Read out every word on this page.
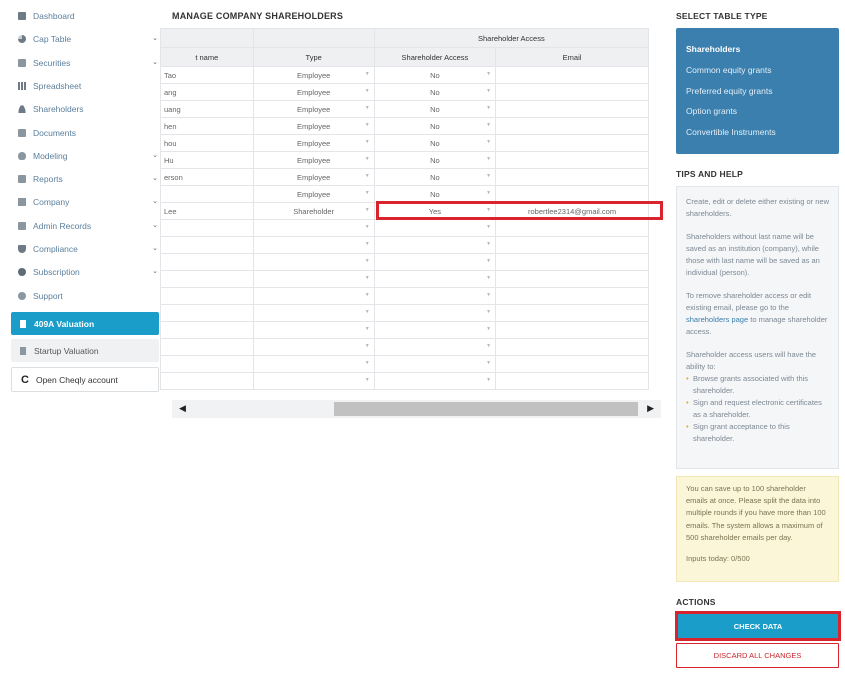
Dashboard
Cap Table	⌄
Securities	⌄
Spreadsheet
Shareholders
Documents
Modeling	⌄
Reports	⌄
Company	⌄
Admin Records	⌄
Compliance	⌄
Subscription	⌄
Support
409A Valuation
Startup Valuation
C Open Cheqly account
MANAGE COMPANY SHAREHOLDERS
		Shareholder Access	
t name	Type	Shareholder Access	Email
Tao	Employee ▼	No ▼	

ang	Employee ▼	No ▼	

uang	Employee ▼	No ▼	

hen	Employee ▼	No ▼	

hou	Employee ▼	No ▼	

Hu	Employee ▼	No ▼	

erson	Employee ▼	No ▼	

	Employee ▼	No ▼	

Lee	Shareholder ▼	Yes ▼	robertlee2314@gmail.com

	▼	▼	

	▼	▼	

	▼	▼	

	▼	▼	

	▼	▼	

	▼	▼	

	▼	▼	

	▼	▼	

	▼	▼	

	▼	▼	

◀	▶
SELECT TABLE TYPE
Shareholders
Common equity grants
Preferred equity grants
Option grants
Convertible Instruments
TIPS AND HELP

Create, edit or delete either existing or new shareholders.

Shareholders without last name will be saved as an institution (company), while those with last name will be saved as an individual (person).

To remove shareholder access or edit existing email, please go to the shareholders page to manage shareholder access.

Shareholder access users will have the ability to:

• Browse grants associated with this shareholder.
• Sign and request electronic certificates as a shareholder.
• Sign grant acceptance to this shareholder.
You can save up to 100 shareholder emails at once. Please split the data into multiple rounds if you have more than 100 emails. The system allows a maximum of 500 shareholder emails per day.
Inputs today: 0/500
ACTIONS
CHECK DATA
DISCARD ALL CHANGES
